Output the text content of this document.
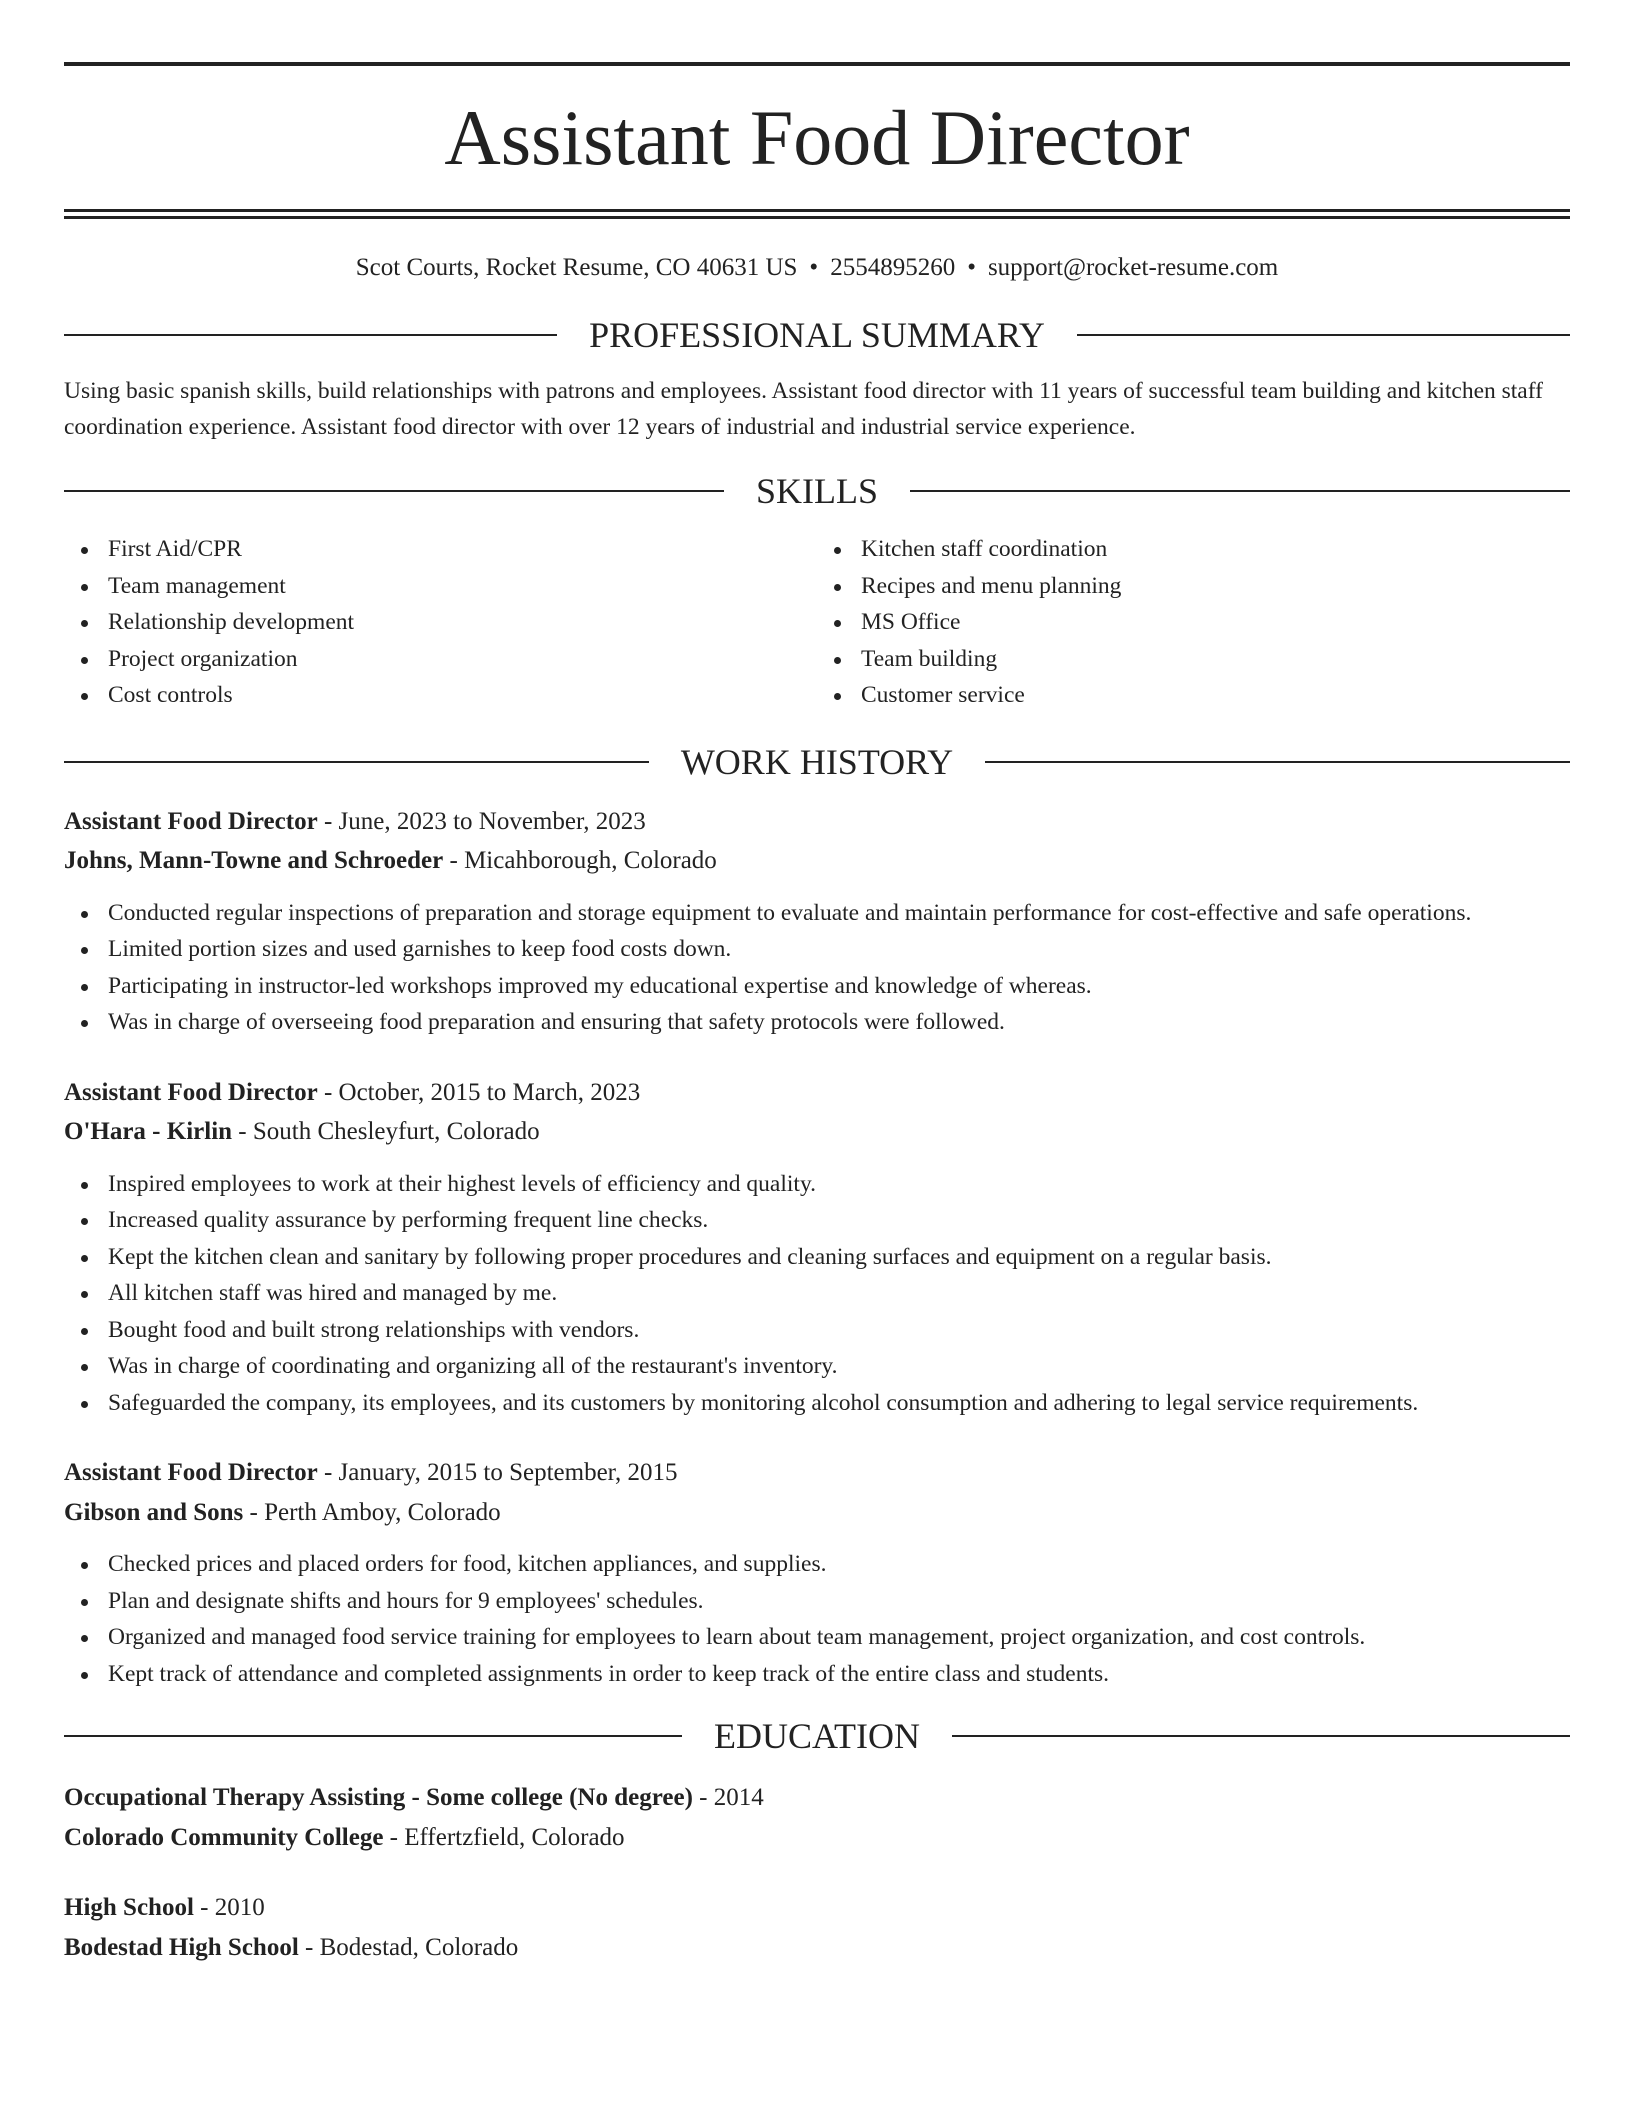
Assistant Food Director
Scot Courts, Rocket Resume, CO 40631 US • 2554895260 • support@rocket-resume.com
PROFESSIONAL SUMMARY

Using basic spanish skills, build relationships with patrons and employees. Assistant food director with 11 years of successful team building and kitchen staff coordination experience. Assistant food director with over 12 years of industrial and industrial service experience.

SKILLS
First Aid/CPR
Team management
Relationship development
Project organization
Cost controls
Kitchen staff coordination
Recipes and menu planning
MS Office
Team building
Customer service
WORK HISTORY
Assistant Food Director - June, 2023 to November, 2023
Johns, Mann-Towne and Schroeder - Micahborough, Colorado
Conducted regular inspections of preparation and storage equipment to evaluate and maintain performance for cost-effective and safe operations.
Limited portion sizes and used garnishes to keep food costs down.
Participating in instructor-led workshops improved my educational expertise and knowledge of whereas.
Was in charge of overseeing food preparation and ensuring that safety protocols were followed.
Assistant Food Director - October, 2015 to March, 2023
O'Hara - Kirlin - South Chesleyfurt, Colorado
Inspired employees to work at their highest levels of efficiency and quality.
Increased quality assurance by performing frequent line checks.
Kept the kitchen clean and sanitary by following proper procedures and cleaning surfaces and equipment on a regular basis.
All kitchen staff was hired and managed by me.
Bought food and built strong relationships with vendors.
Was in charge of coordinating and organizing all of the restaurant's inventory.
Safeguarded the company, its employees, and its customers by monitoring alcohol consumption and adhering to legal service requirements.
Assistant Food Director - January, 2015 to September, 2015
Gibson and Sons - Perth Amboy, Colorado
Checked prices and placed orders for food, kitchen appliances, and supplies.
Plan and designate shifts and hours for 9 employees' schedules.
Organized and managed food service training for employees to learn about team management, project organization, and cost controls.
Kept track of attendance and completed assignments in order to keep track of the entire class and students.
EDUCATION
Occupational Therapy Assisting - Some college (No degree) - 2014
Colorado Community College - Effertzfield, Colorado
High School - 2010
Bodestad High School - Bodestad, Colorado
